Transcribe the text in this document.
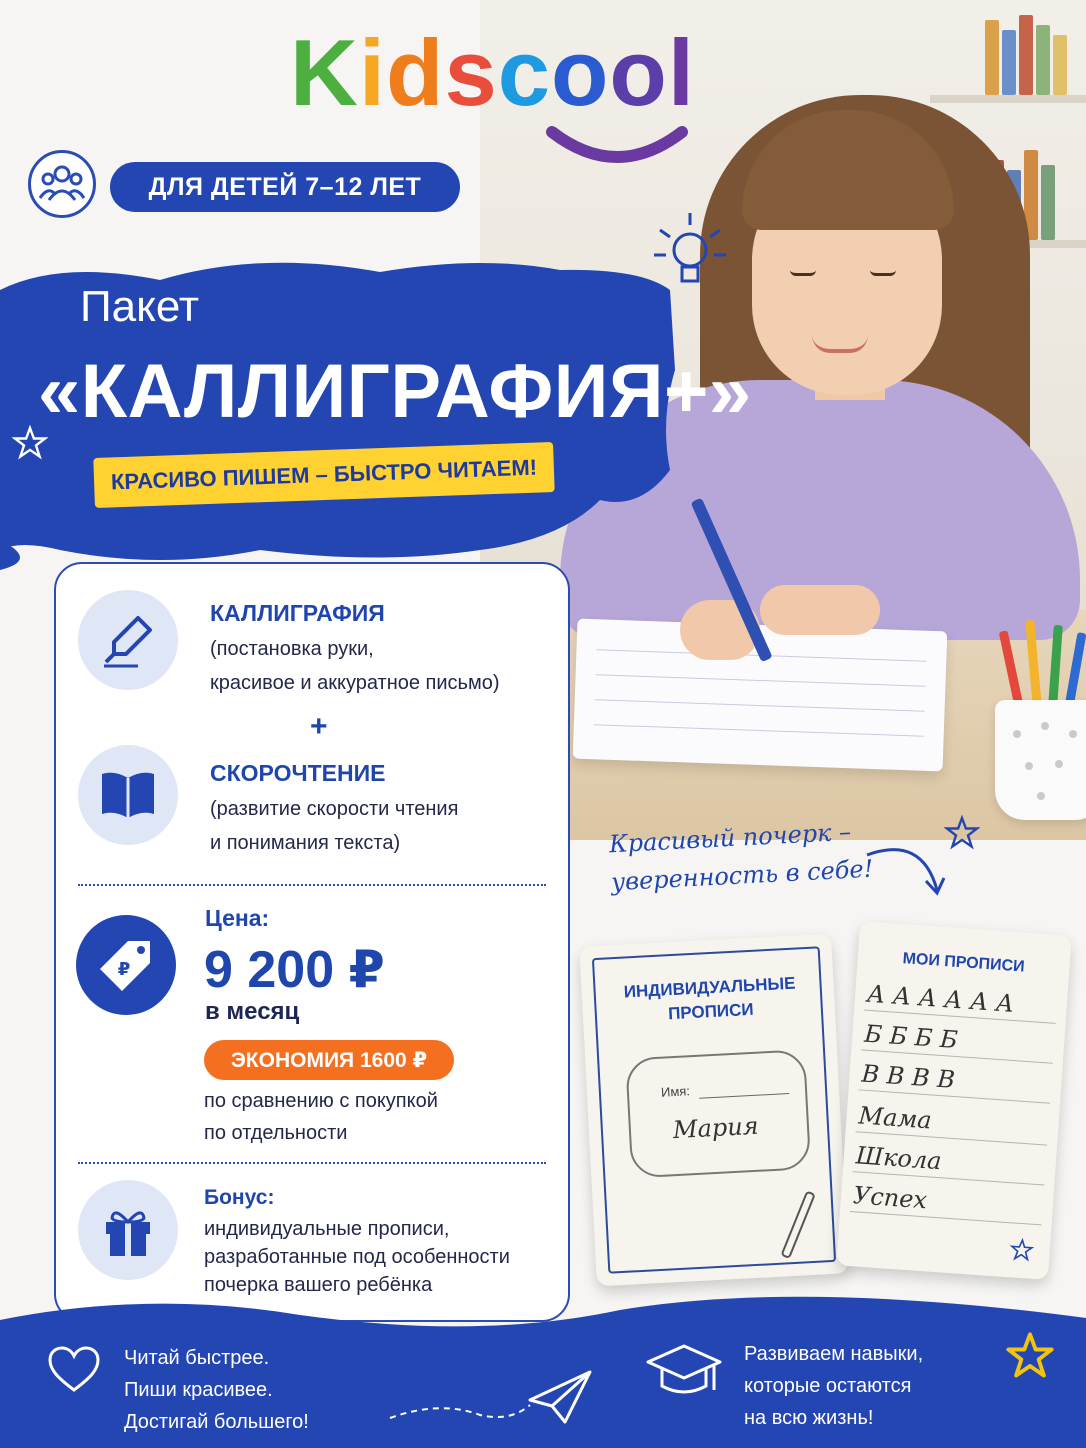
Kidscool
ДЛЯ ДЕТЕЙ 7–12 ЛЕТ
Пакет
«КАЛЛИГРАФИЯ+»
КРАСИВО ПИШЕМ – БЫСТРО ЧИТАЕМ!
КАЛЛИГРАФИЯ
(постановка руки,
красивое и аккуратное письмо)
+
СКОРОЧТЕНИЕ
(развитие скорости чтения
и понимания текста)
₽
Цена:
9 200 ₽
в месяц
ЭКОНОМИЯ 1600 ₽
по сравнению с покупкой
по отдельности
Бонус:
индивидуальные прописи,
разработанные под особенности
почерка вашего ребёнка
Красивый почерк –
уверенность в себе!
ИНДИВИДУАЛЬНЫЕ
ПРОПИСИ
Имя:
Мария
МОИ ПРОПИСИ
А А А А А А
Б Б Б Б
В В В В
Мама
Школа
Успех
Читай быстрее.
Пиши красивее.
Достигай большего!
Развиваем навыки,
которые остаются
на всю жизнь!
